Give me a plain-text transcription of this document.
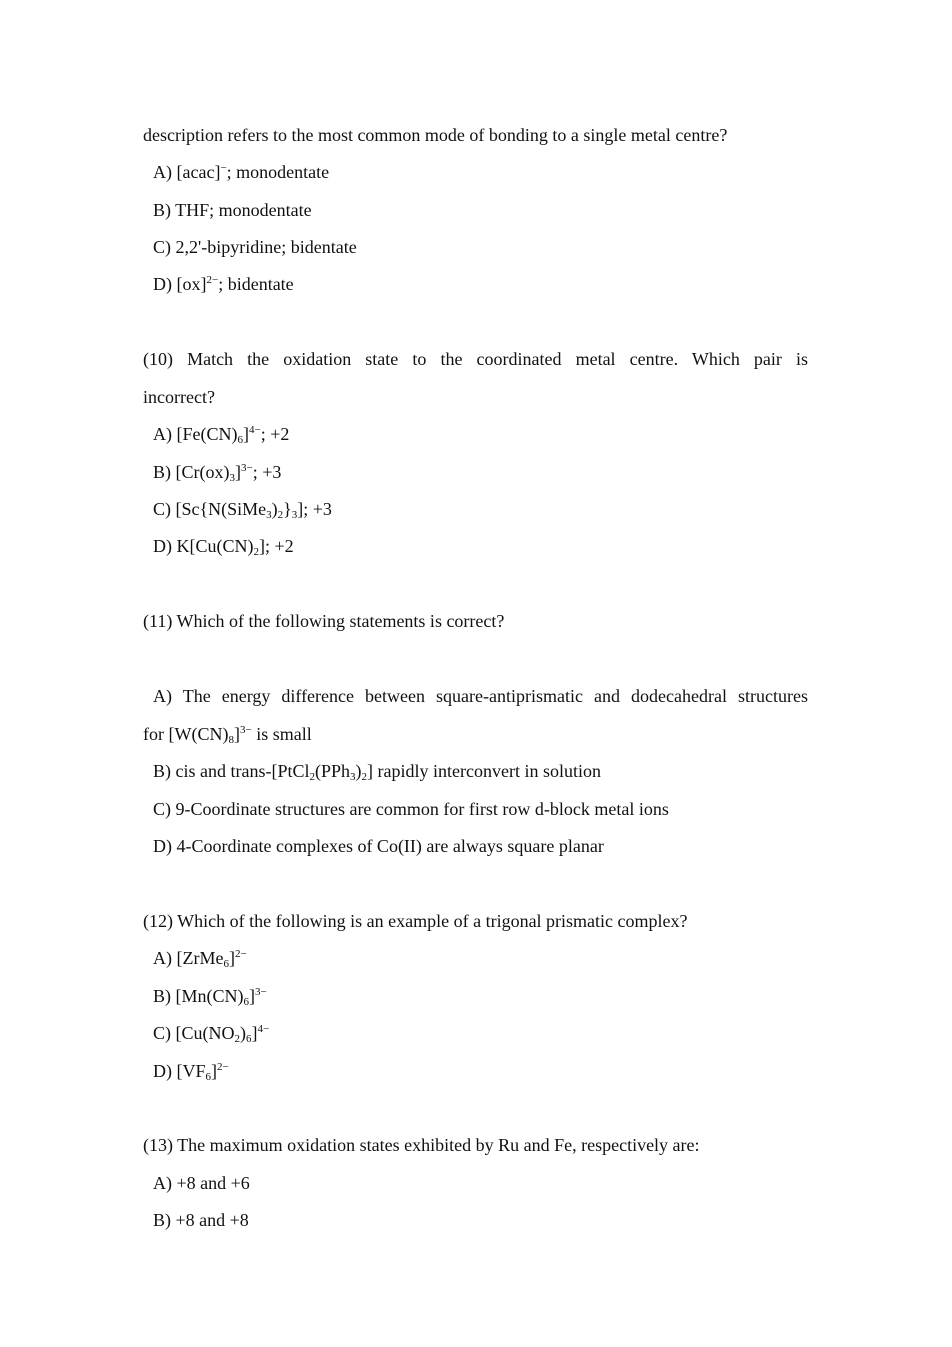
description refers to the most common mode of bonding to a single metal centre?
A) [acac]−; monodentate
B) THF; monodentate
C) 2,2'-bipyridine; bidentate
D) [ox]$^{2-}$; bidentate
(10) Match the oxidation state to the coordinated metal centre. Which pair is
incorrect?
A) $[Fe(CN)_6]^{4-}$; +2
B) $[Cr(ox)_3]^{3-}$; +3
C) $[Sc\{N(SiMe_3)_2\}_3]$; +3
D) $K[Cu(CN)_2]$; +2
(11) Which of the following statements is correct?
A) The energy difference between square-antiprismatic and dodecahedral structures
for $[W(CN)_8]^{3-}$ is small
B) cis and trans-$[PtCl_2(PPh_3)_2]$ rapidly interconvert in solution
C) 9-Coordinate structures are common for first row d-block metal ions
D) 4-Coordinate complexes of Co(II) are always square planar
(12) Which of the following is an example of a trigonal prismatic complex?
A) [ZrMe$_6$]$^{2-}$
B) $[Mn(CN)_6]^{3-}$
C) $[Cu(NO_2)_6]^{4-}$
D) $[VF_6]^{2-}$
(13) The maximum oxidation states exhibited by Ru and Fe, respectively are:
A) +8 and +6
B) +8 and +8
